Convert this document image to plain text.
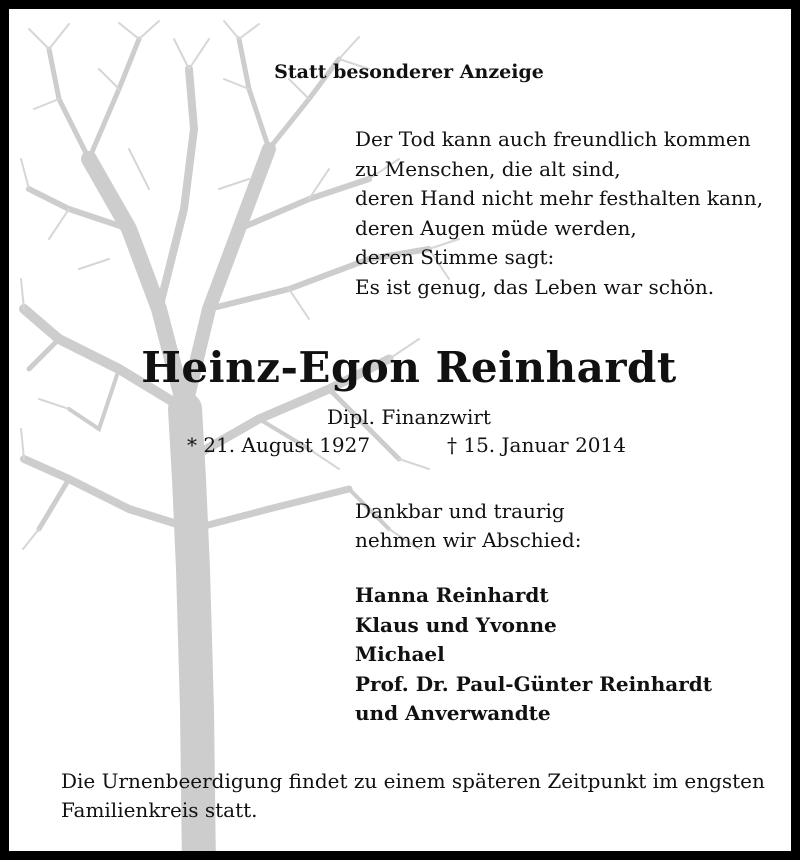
Statt besonderer Anzeige
Der Tod kann auch freundlich kommen
zu Menschen, die alt sind,
deren Hand nicht mehr festhalten kann,
deren Augen müde werden,
deren Stimme sagt:
Es ist genug, das Leben war schön.
Heinz-Egon Reinhardt
Dipl. Finanzwirt
* 21. August 1927	† 15. Januar 2014
Dankbar und traurig
nehmen wir Abschied:
Hanna Reinhardt
Klaus und Yvonne
Michael
Prof. Dr. Paul-Günter Reinhardt
und Anverwandte
Die Urnenbeerdigung findet zu einem späteren Zeitpunkt im engsten
Familienkreis statt.
